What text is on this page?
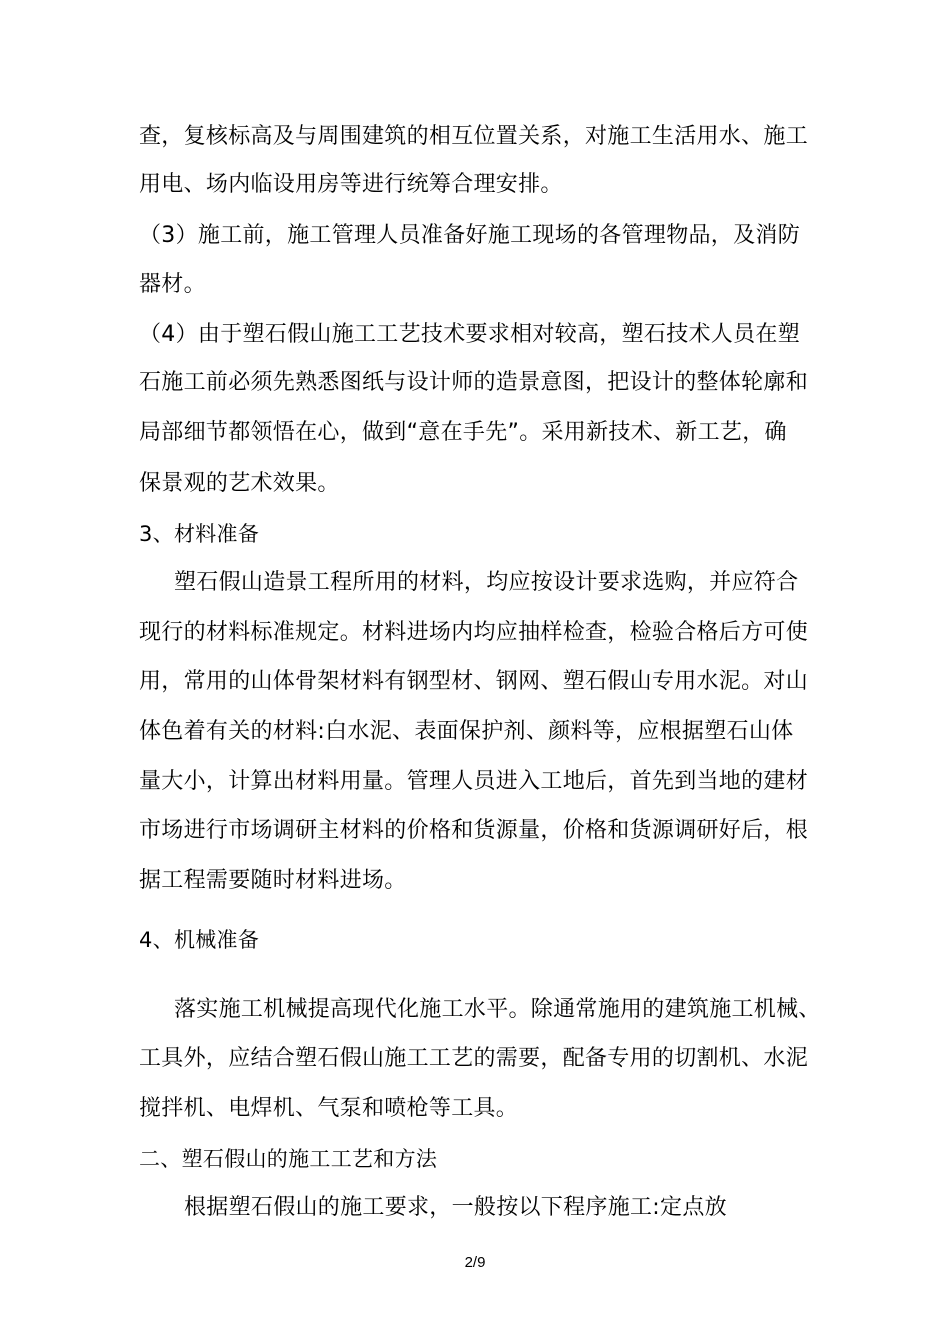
查，复核标高及与周围建筑的相互位置关系，对施工生活用水、施工
用电、场内临设用房等进行统筹合理安排。
（3）施工前，施工管理人员准备好施工现场的各管理物品，及消防
器材。
（4）由于塑石假山施工工艺技术要求相对较高，塑石技术人员在塑
石施工前必须先熟悉图纸与设计师的造景意图，把设计的整体轮廓和
局部细节都领悟在心，做到“意在手先”。采用新技术、新工艺，确
保景观的艺术效果。
3、材料准备
塑石假山造景工程所用的材料，均应按设计要求选购，并应符合
现行的材料标准规定。材料进场内均应抽样检查，检验合格后方可使
用，常用的山体骨架材料有钢型材、钢网、塑石假山专用水泥。对山
体色着有关的材料:白水泥、表面保护剂、颜料等，应根据塑石山体
量大小，计算出材料用量。管理人员进入工地后，首先到当地的建材
市场进行市场调研主材料的价格和货源量，价格和货源调研好后，根
据工程需要随时材料进场。
4、机械准备
落实施工机械提高现代化施工水平。除通常施用的建筑施工机械、
工具外，应结合塑石假山施工工艺的需要，配备专用的切割机、水泥
搅拌机、电焊机、气泵和喷枪等工具。
二、塑石假山的施工工艺和方法
根据塑石假山的施工要求，一般按以下程序施工:定点放
2/9
